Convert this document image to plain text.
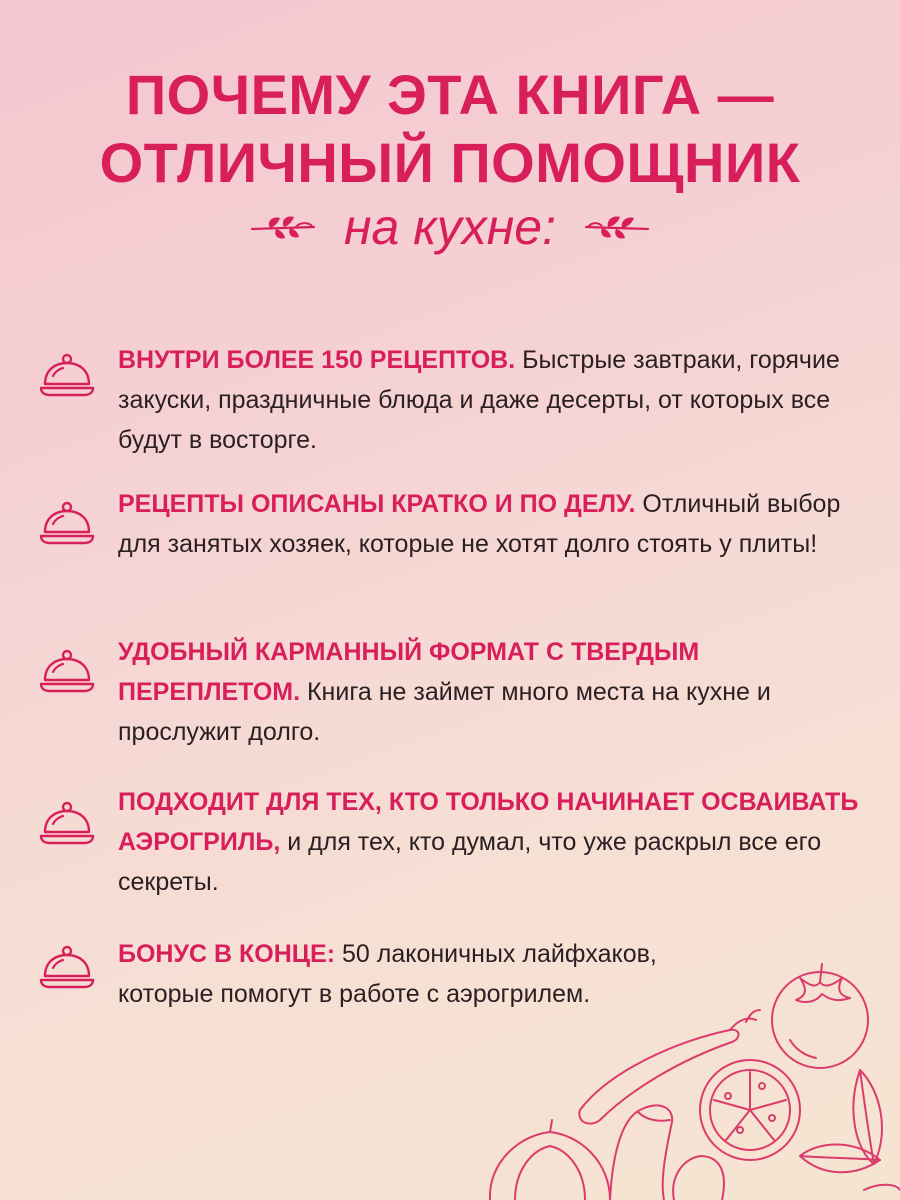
ПОЧЕМУ ЭТА КНИГА —
ОТЛИЧНЫЙ ПОМОЩНИК
на кухне:
ВНУТРИ БОЛЕЕ 150 РЕЦЕПТОВ. Быстрые завтраки, горячие закуски, праздничные блюда и даже десерты, от которых все будут в восторге.
РЕЦЕПТЫ ОПИСАНЫ КРАТКО И ПО ДЕЛУ. Отличный выбор для занятых хозяек, которые не хотят долго стоять у плиты!
УДОБНЫЙ КАРМАННЫЙ ФОРМАТ С ТВЕРДЫМ ПЕРЕПЛЕТОМ. Книга не займет много места на кухне и прослужит долго.
ПОДХОДИТ ДЛЯ ТЕХ, КТО ТОЛЬКО НАЧИНАЕТ ОСВАИВАТЬ АЭРОГРИЛЬ, и для тех, кто думал, что уже раскрыл все его секреты.
БОНУС В КОНЦЕ: 50 лаконичных лайфхаков, которые помогут в работе с аэрогрилем.
